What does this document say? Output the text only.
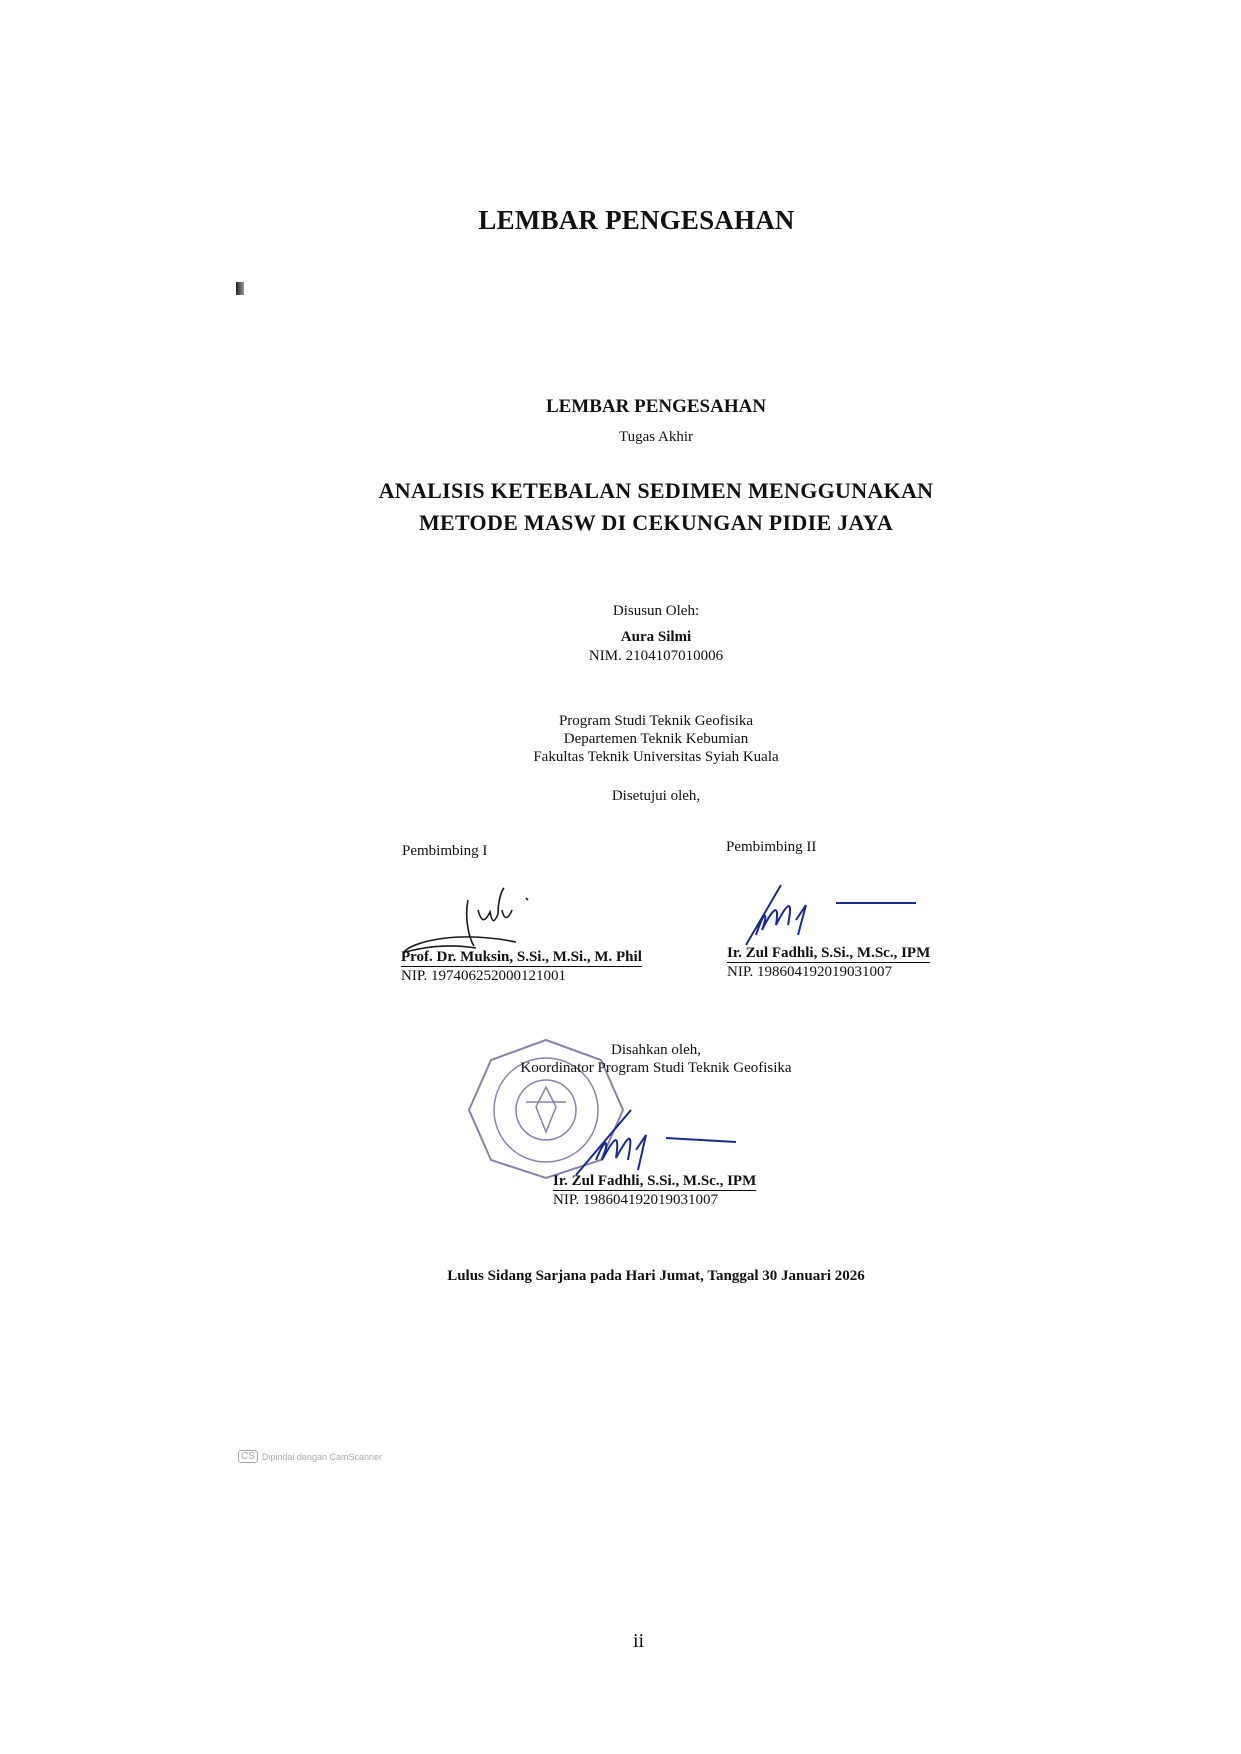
LEMBAR PENGESAHAN
LEMBAR PENGESAHAN
Tugas Akhir
ANALISIS KETEBALAN SEDIMEN MENGGUNAKAN
METODE MASW DI CEKUNGAN PIDIE JAYA
Disusun Oleh:
Aura Silmi
NIM. 2104107010006
Program Studi Teknik Geofisika
Departemen Teknik Kebumian
Fakultas Teknik Universitas Syiah Kuala
Disetujui oleh,
Pembimbing I	Pembimbing II
Prof. Dr. Muksin, S.Si., M.Si., M. Phil
NIP. 197406252000121001
Ir. Zul Fadhli, S.Si., M.Sc., IPM
NIP. 198604192019031007
Disahkan oleh,
Koordinator Program Studi Teknik Geofisika
Ir. Zul Fadhli, S.Si., M.Sc., IPM
NIP. 198604192019031007
Lulus Sidang Sarjana pada Hari Jumat, Tanggal 30 Januari 2026
CS Dipindai dengan CamScanner
ii
